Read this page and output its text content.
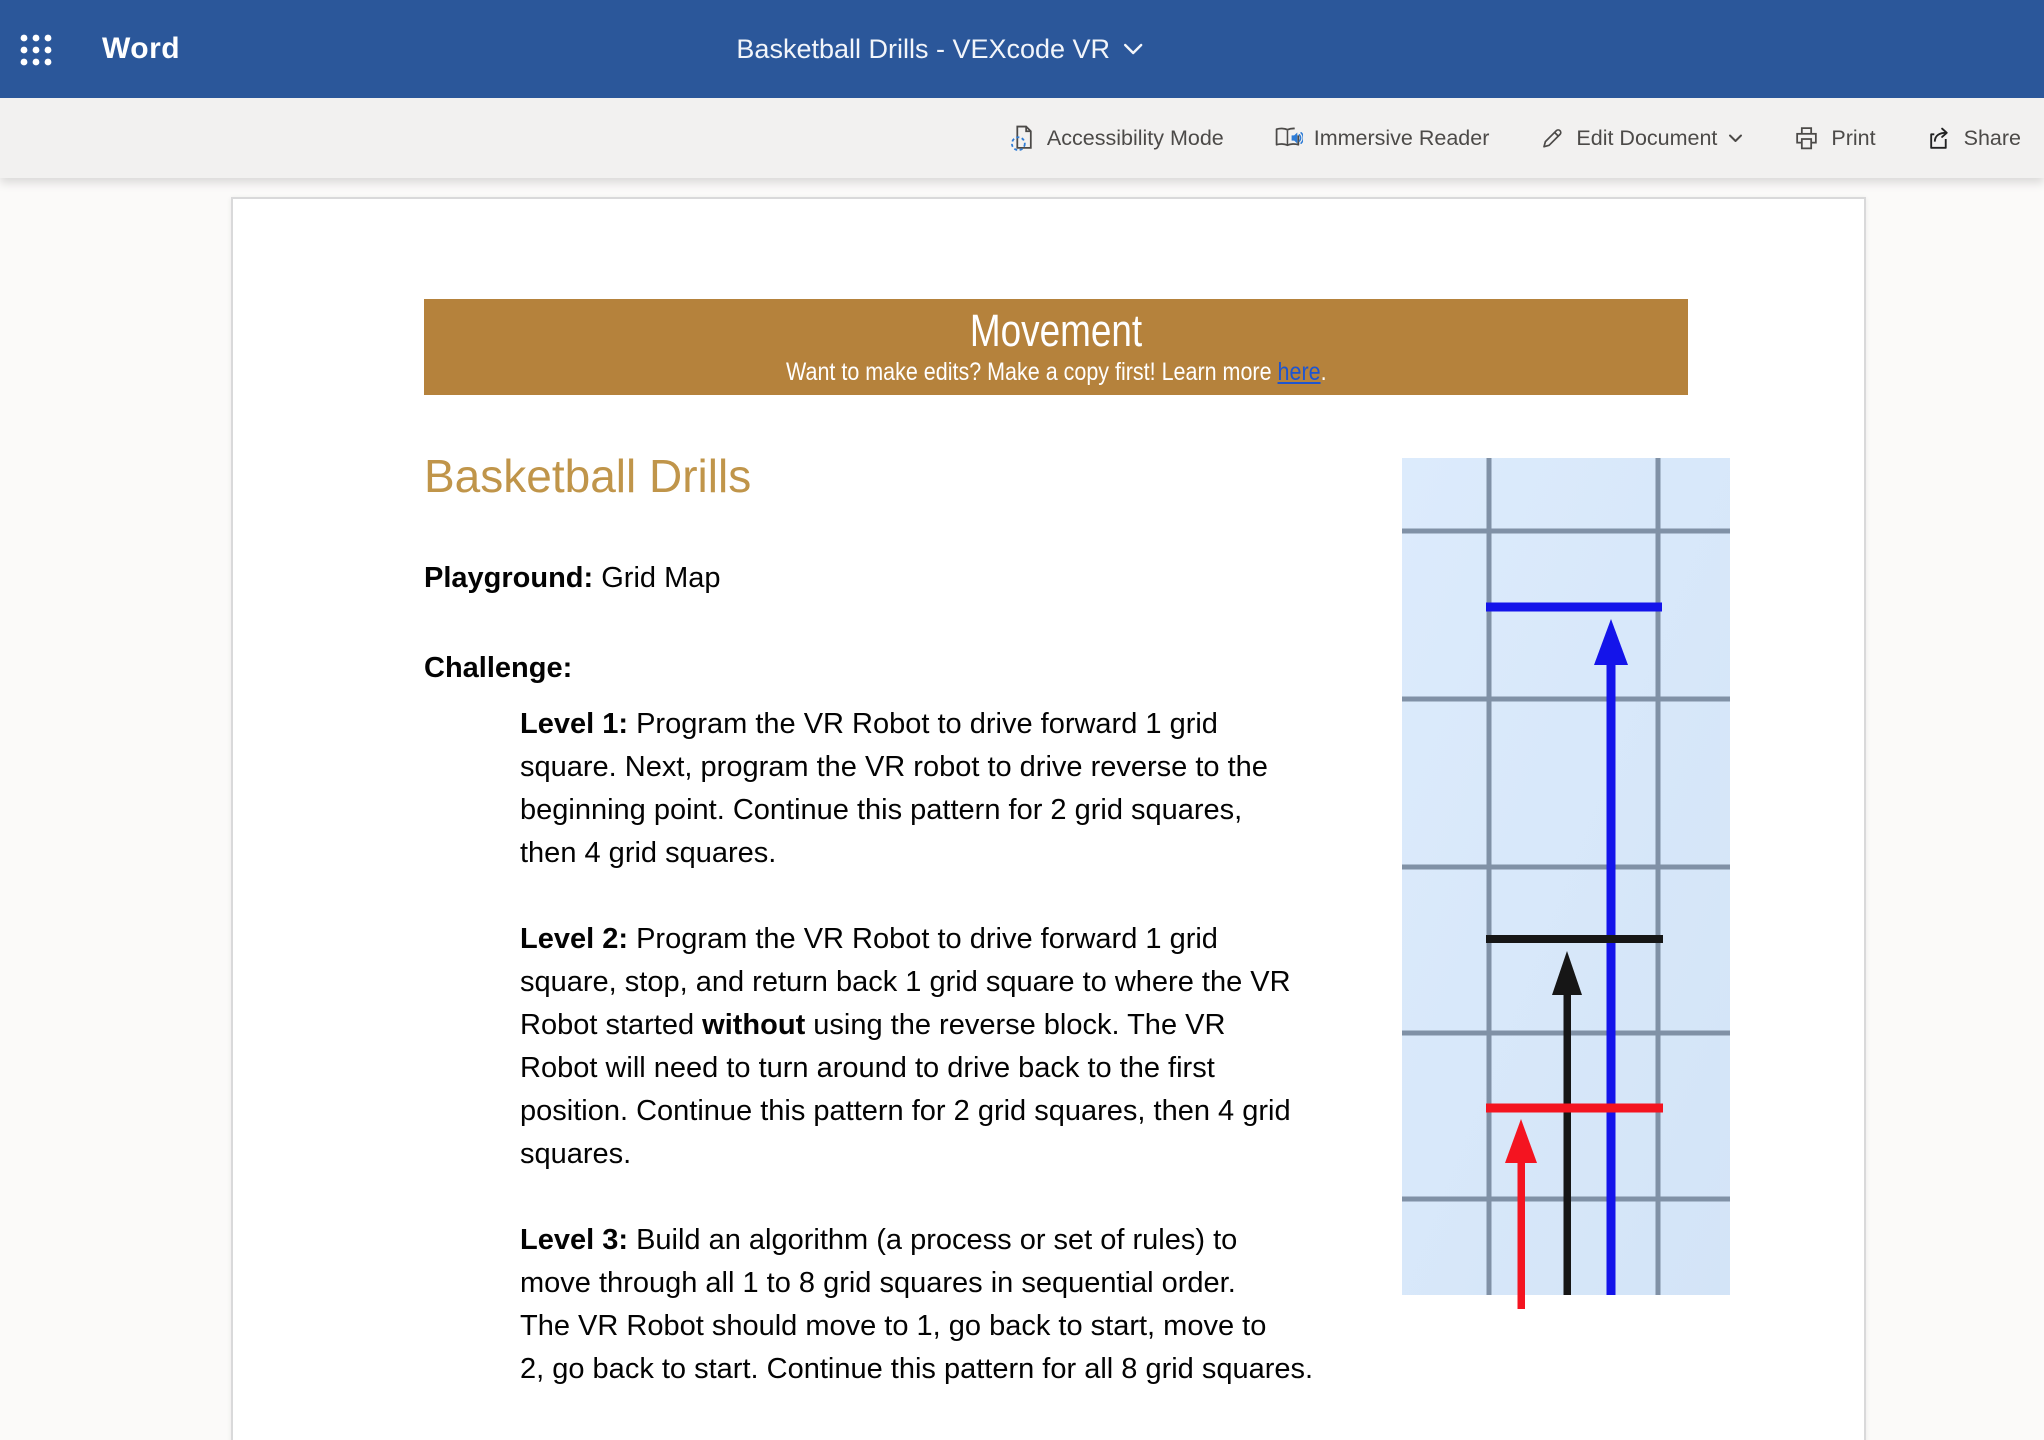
Word	Basketball Drills - VEXcode VR
Accessibility Mode	Immersive Reader	Edit Document	Print	Share
Movement
Want to make edits? Make a copy first! Learn more here.
Basketball Drills

Playground: Grid Map

Challenge:

Level 1: Program the VR Robot to drive forward 1 grid
square. Next, program the VR robot to drive reverse to the
beginning point. Continue this pattern for 2 grid squares,
then 4 grid squares.

Level 2: Program the VR Robot to drive forward 1 grid
square, stop, and return back 1 grid square to where the VR
Robot started without using the reverse block. The VR
Robot will need to turn around to drive back to the first
position. Continue this pattern for 2 grid squares, then 4 grid
squares.

Level 3: Build an algorithm (a process or set of rules) to
move through all 1 to 8 grid squares in sequential order.
The VR Robot should move to 1, go back to start, move to
2, go back to start. Continue this pattern for all 8 grid squares.
